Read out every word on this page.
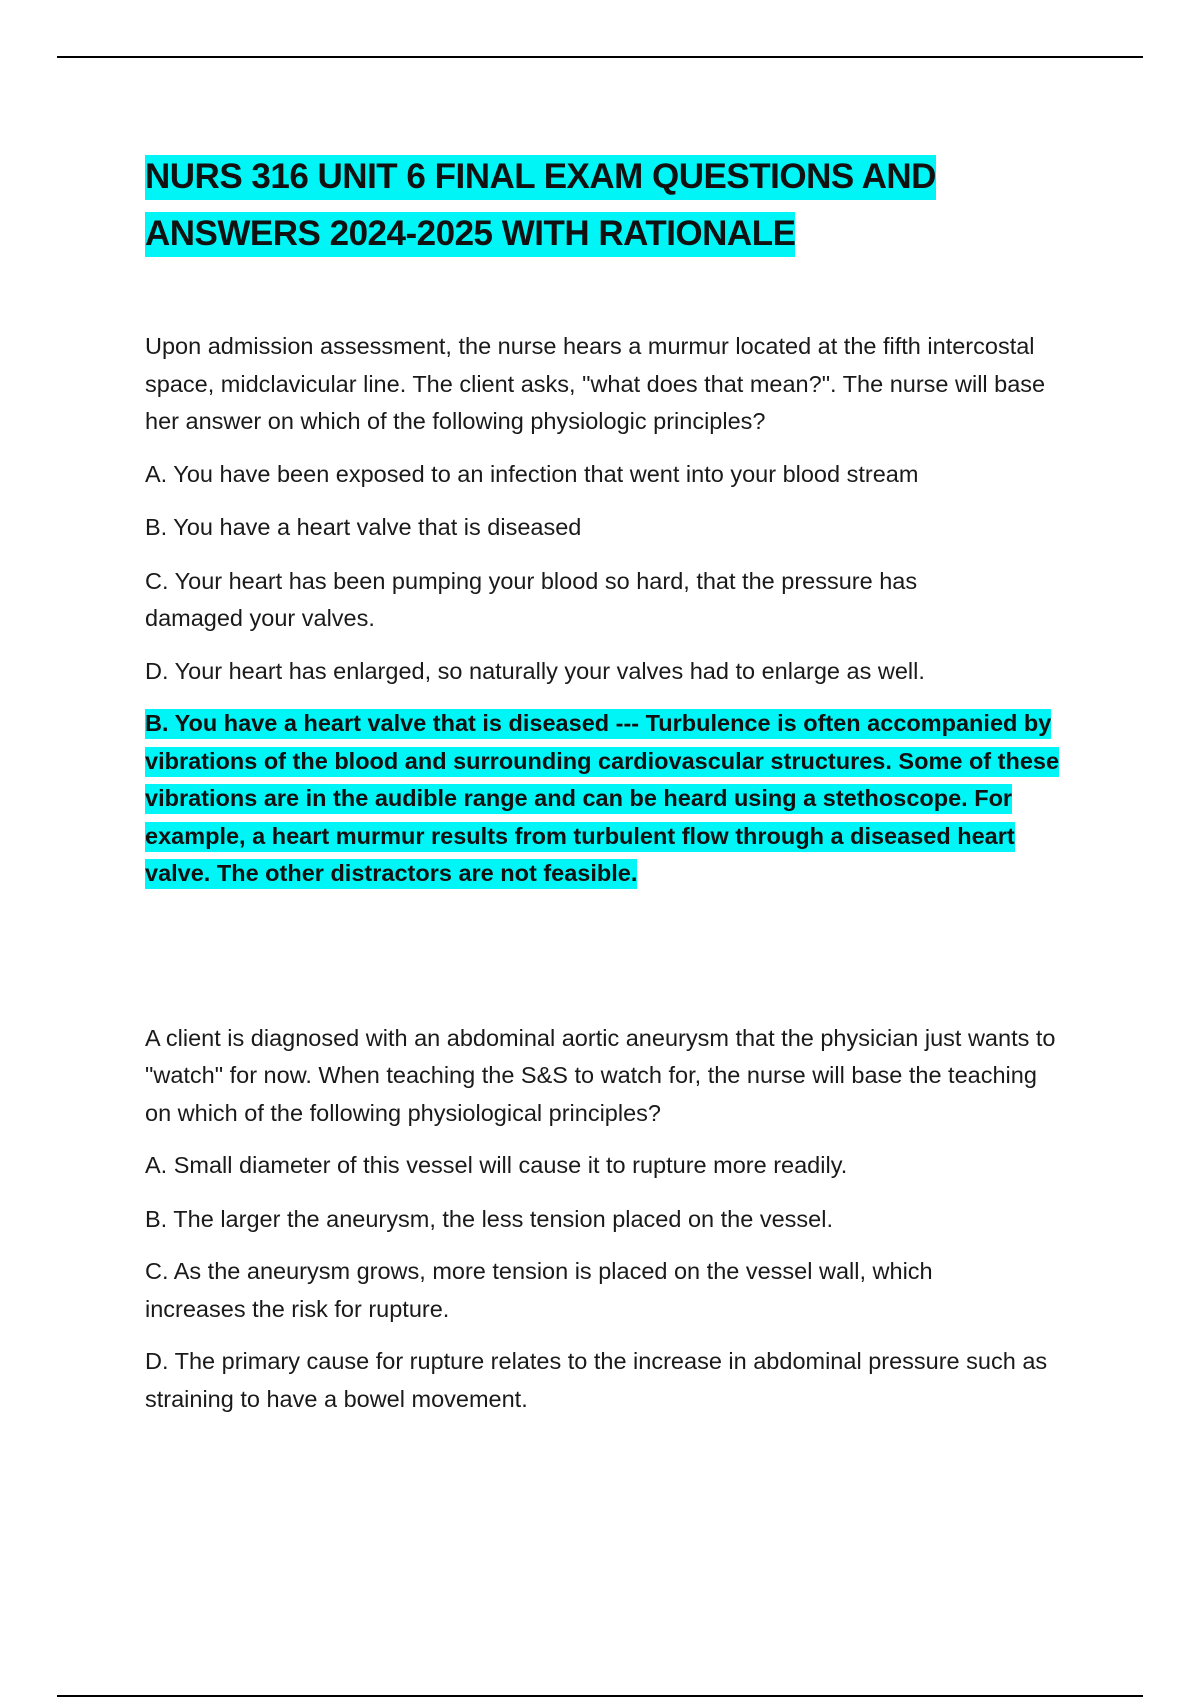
NURS 316 UNIT 6 FINAL EXAM QUESTIONS AND ANSWERS 2024-2025 WITH RATIONALE

Upon admission assessment, the nurse hears a murmur located at the fifth intercostal space, midclavicular line. The client asks, "what does that mean?". The nurse will base her answer on which of the following physiologic principles?

A. You have been exposed to an infection that went into your blood stream

B. You have a heart valve that is diseased

C. Your heart has been pumping your blood so hard, that the pressure has damaged your valves.

D. Your heart has enlarged, so naturally your valves had to enlarge as well.

B. You have a heart valve that is diseased --- Turbulence is often accompanied by vibrations of the blood and surrounding cardiovascular structures. Some of these vibrations are in the audible range and can be heard using a stethoscope. For example, a heart murmur results from turbulent flow through a diseased heart valve. The other distractors are not feasible.

A client is diagnosed with an abdominal aortic aneurysm that the physician just wants to "watch" for now. When teaching the S&S to watch for, the nurse will base the teaching on which of the following physiological principles?

A. Small diameter of this vessel will cause it to rupture more readily.

B. The larger the aneurysm, the less tension placed on the vessel.

C. As the aneurysm grows, more tension is placed on the vessel wall, which increases the risk for rupture.

D. The primary cause for rupture relates to the increase in abdominal pressure such as straining to have a bowel movement.
